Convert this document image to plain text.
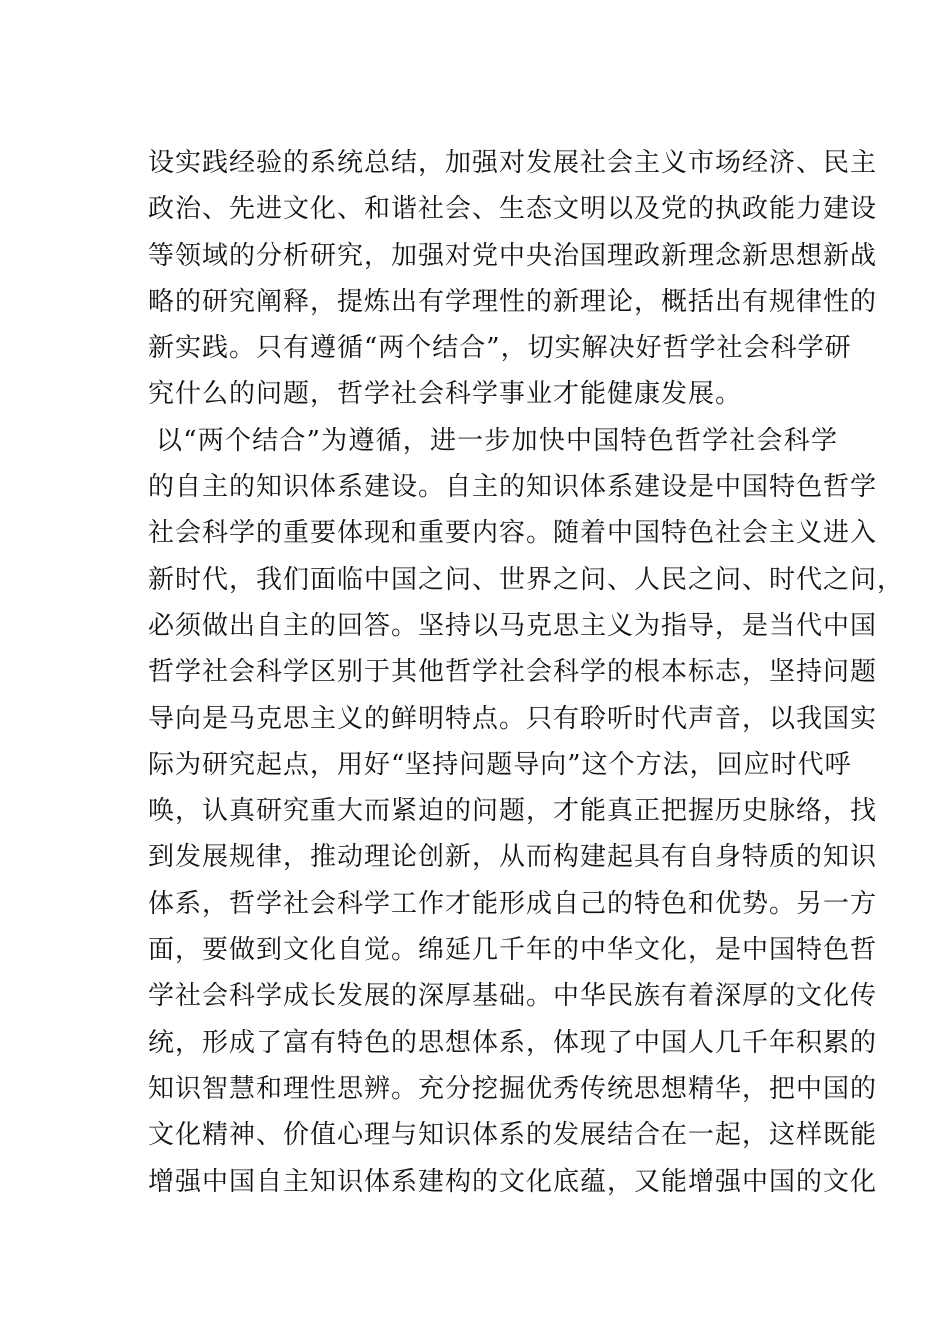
设实践经验的系统总结，加强对发展社会主义市场经济、民主
政治、先进文化、和谐社会、生态文明以及党的执政能力建设
等领域的分析研究，加强对党中央治国理政新理念新思想新战
略的研究阐释，提炼出有学理性的新理论，概括出有规律性的
新实践。只有遵循“两个结合”，切实解决好哲学社会科学研
究什么的问题，哲学社会科学事业才能健康发展。
以“两个结合”为遵循，进一步加快中国特色哲学社会科学
的自主的知识体系建设。自主的知识体系建设是中国特色哲学
社会科学的重要体现和重要内容。随着中国特色社会主义进入
新时代，我们面临中国之问、世界之问、人民之问、时代之问，
必须做出自主的回答。坚持以马克思主义为指导，是当代中国
哲学社会科学区别于其他哲学社会科学的根本标志，坚持问题
导向是马克思主义的鲜明特点。只有聆听时代声音，以我国实
际为研究起点，用好“坚持问题导向”这个方法，回应时代呼
唤，认真研究重大而紧迫的问题，才能真正把握历史脉络，找
到发展规律，推动理论创新，从而构建起具有自身特质的知识
体系，哲学社会科学工作才能形成自己的特色和优势。另一方
面，要做到文化自觉。绵延几千年的中华文化，是中国特色哲
学社会科学成长发展的深厚基础。中华民族有着深厚的文化传
统，形成了富有特色的思想体系，体现了中国人几千年积累的
知识智慧和理性思辨。充分挖掘优秀传统思想精华，把中国的
文化精神、价值心理与知识体系的发展结合在一起，这样既能
增强中国自主知识体系建构的文化底蕴，又能增强中国的文化
